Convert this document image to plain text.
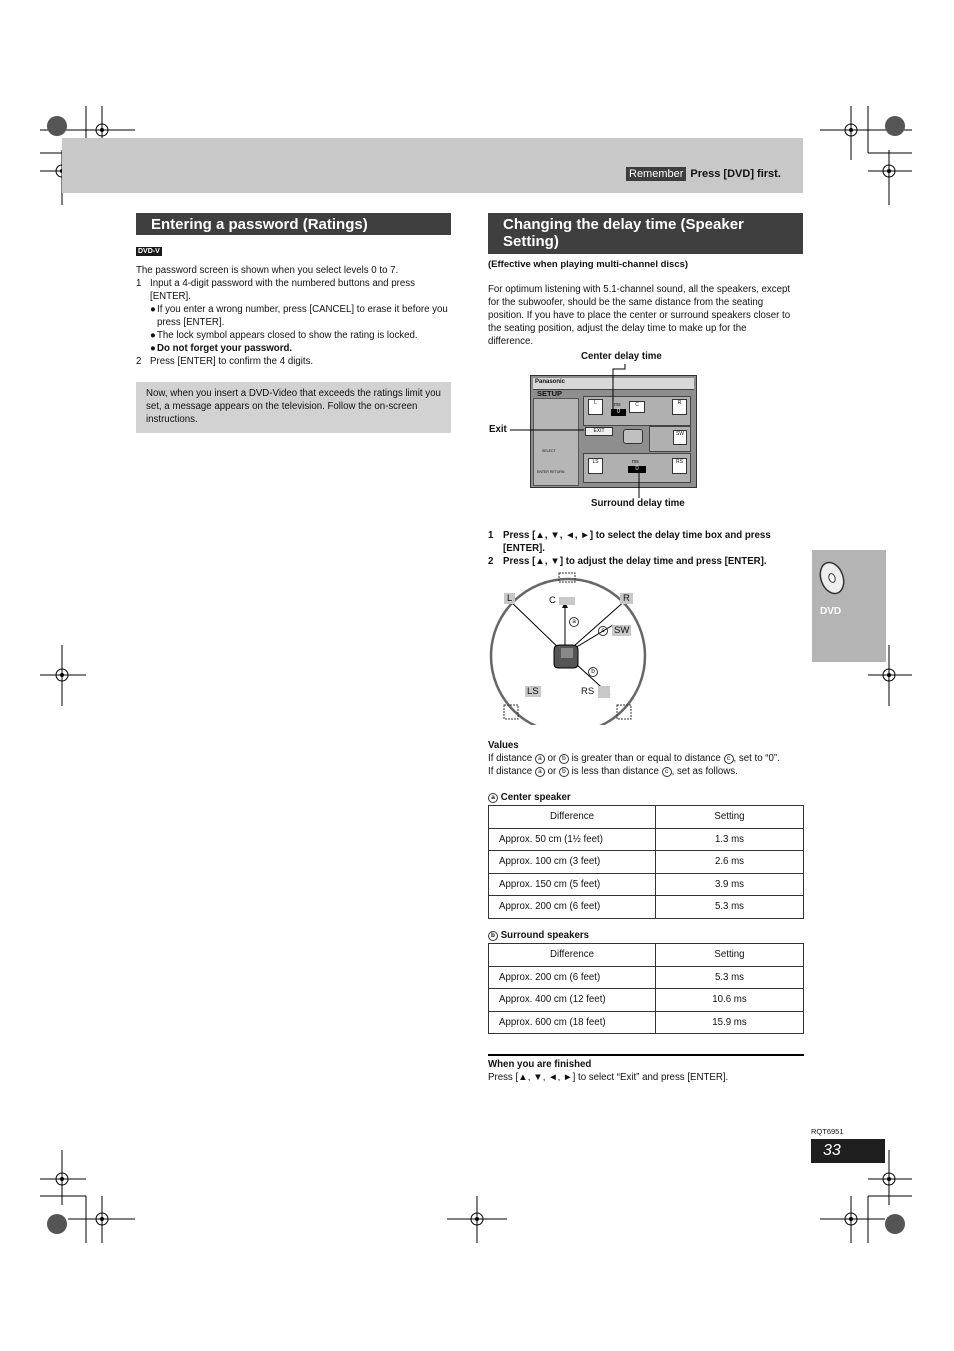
Remember Press [DVD] first.
Entering a password (Ratings)
DVD-V

The password screen is shown when you select levels 0 to 7.

1 Input a 4-digit password with the numbered buttons and press [ENTER].
● If you enter a wrong number, press [CANCEL] to erase it before you press [ENTER].
● The lock symbol appears closed to show the rating is locked.
● Do not forget your password.
2 Press [ENTER] to confirm the 4 digits.
Now, when you insert a DVD-Video that exceeds the ratings limit you set, a message appears on the television. Follow the on-screen instructions.
Changing the delay time (Speaker Setting)
(Effective when playing multi-channel discs)
For optimum listening with 5.1-channel sound, all the speakers, except for the subwoofer, should be the same distance from the seating position. If you have to place the center or surround speakers closer to the seating position, adjust the delay time to make up for the difference.
Center delay time
Exit
Surround delay time
Panasonic
SETUP
EXIT
L	ms
0
C	R
SW
LS	ms
0
RS
SELECT
ENTER RETURN
1 Press [▲, ▼, ◄, ►] to select the delay time box and press [ENTER].
2 Press [▲, ▼] to adjust the delay time and press [ENTER].
L	C	R
SW
LS	RS
a
c
b

Values

If distance a or b is greater than or equal to distance c , set to “0”.

If distance a or b is less than distance c , set as follows.

a Center speaker
Difference	Setting
Approx. 50 cm (1½ feet)	1.3 ms
Approx. 100 cm (3 feet)	2.6 ms
Approx. 150 cm (5 feet)	3.9 ms
Approx. 200 cm (6 feet)	5.3 ms
b Surround speakers
Difference	Setting
Approx. 200 cm (6 feet)	5.3 ms
Approx. 400 cm (12 feet)	10.6 ms
Approx. 600 cm (18 feet)	15.9 ms

When you are finished

Press [▲, ▼, ◄, ►] to select “Exit” and press [ENTER].

DVD
RQT6951
33
